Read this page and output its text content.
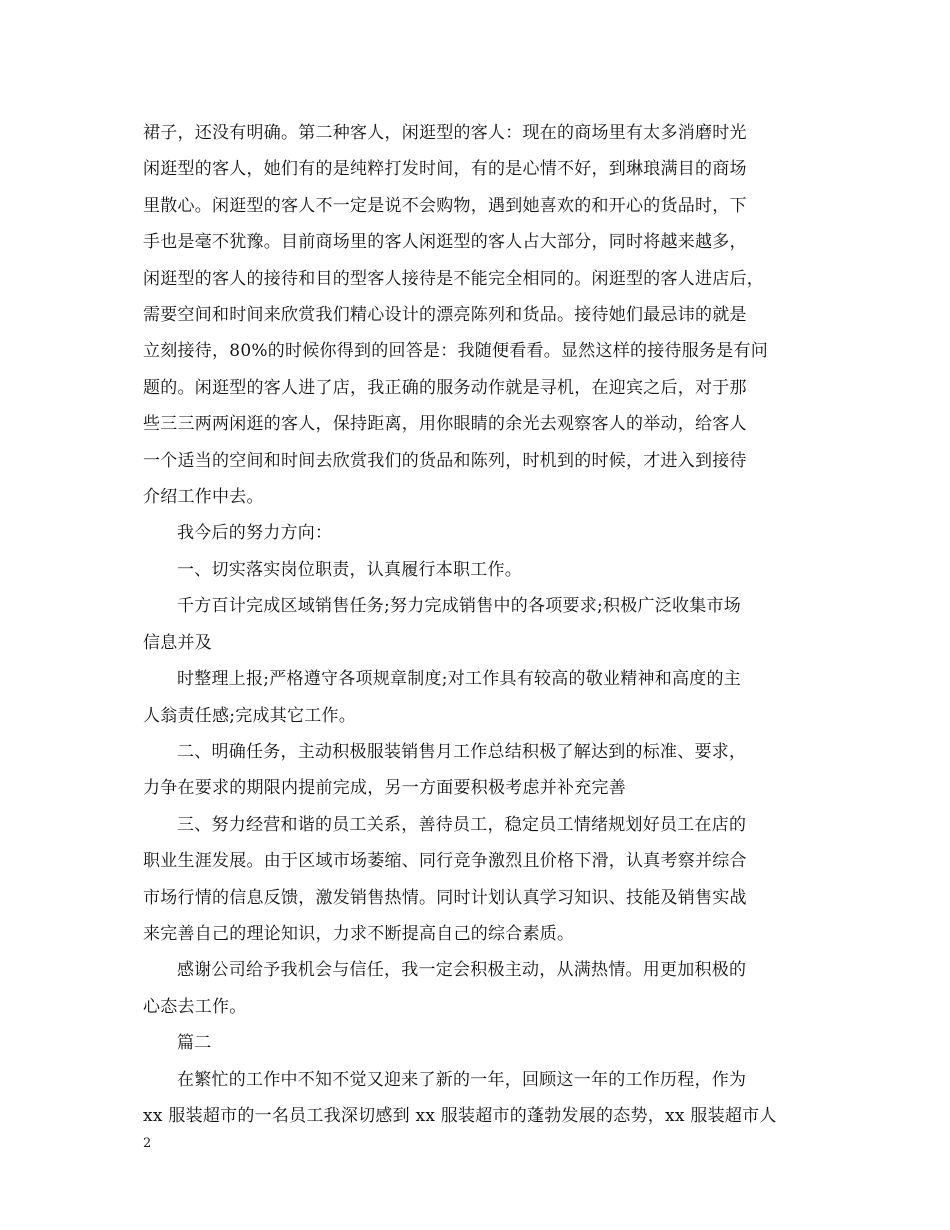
裙子，还没有明确。第二种客人，闲逛型的客人：现在的商场里有太多消磨时光
闲逛型的客人，她们有的是纯粹打发时间，有的是心情不好，到琳琅满目的商场
里散心。闲逛型的客人不一定是说不会购物，遇到她喜欢的和开心的货品时，下
手也是毫不犹豫。目前商场里的客人闲逛型的客人占大部分，同时将越来越多，
闲逛型的客人的接待和目的型客人接待是不能完全相同的。闲逛型的客人进店后，
需要空间和时间来欣赏我们精心设计的漂亮陈列和货品。接待她们最忌讳的就是
立刻接待，80%的时候你得到的回答是：我随便看看。显然这样的接待服务是有问
题的。闲逛型的客人进了店，我正确的服务动作就是寻机，在迎宾之后，对于那
些三三两两闲逛的客人，保持距离，用你眼睛的余光去观察客人的举动，给客人
一个适当的空间和时间去欣赏我们的货品和陈列，时机到的时候，才进入到接待
介绍工作中去。
我今后的努力方向：
一、切实落实岗位职责，认真履行本职工作。
千方百计完成区域销售任务;努力完成销售中的各项要求;积极广泛收集市场
信息并及
时整理上报;严格遵守各项规章制度;对工作具有较高的敬业精神和高度的主
人翁责任感;完成其它工作。
二、明确任务，主动积极服装销售月工作总结积极了解达到的标准、要求，
力争在要求的期限内提前完成，另一方面要积极考虑并补充完善
三、努力经营和谐的员工关系，善待员工，稳定员工情绪规划好员工在店的
职业生涯发展。由于区域市场萎缩、同行竞争激烈且价格下滑，认真考察并综合
市场行情的信息反馈，激发销售热情。同时计划认真学习知识、技能及销售实战
来完善自己的理论知识，力求不断提高自己的综合素质。
感谢公司给予我机会与信任，我一定会积极主动，从满热情。用更加积极的
心态去工作。
篇二
在繁忙的工作中不知不觉又迎来了新的一年，回顾这一年的工作历程，作为
xx 服装超市的一名员工我深切感到 xx 服装超市的蓬勃发展的态势，xx 服装超市人
2
